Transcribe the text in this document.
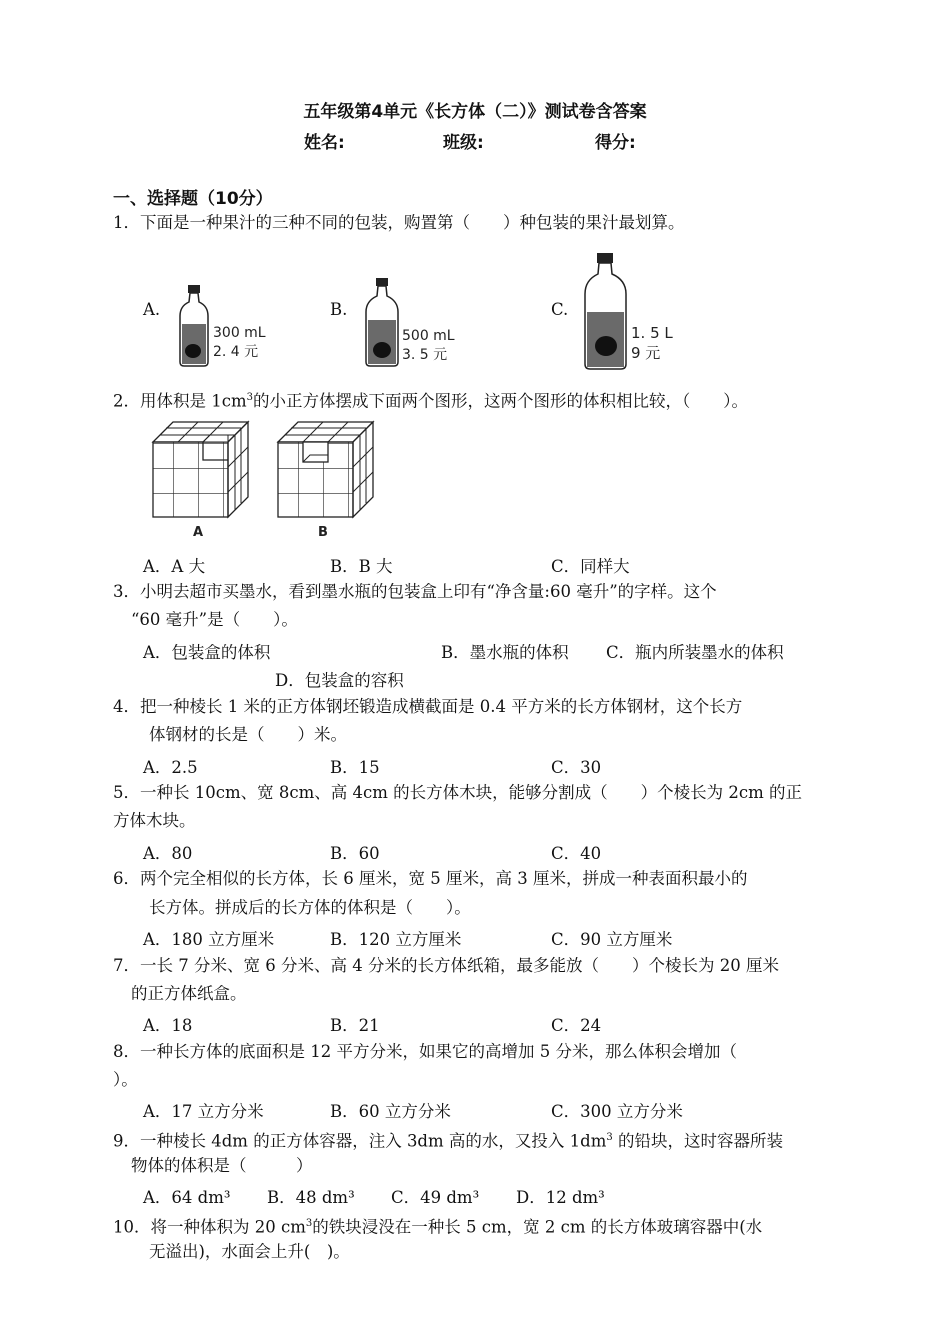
五年级第4单元《长方体（二）》测试卷含答案
姓名:	班级:	得分:
一、选择题（10分）
1．下面是一种果汁的三种不同的包装，购置第（　　）种包装的果汁最划算。
A.
300 mL
2. 4 元
B.
500 mL
3. 5 元
C.
1. 5 L
9 元
2．用体积是 $1cm^3$的小正方体摆成下面两个图形，这两个图形的体积相比较，（　　）。
A	B
A．A 大	B．B 大	C．同样大
3．小明去超市买墨水，看到墨水瓶的包装盒上印有“净含量:60 毫升”的字样。这个
“60 毫升”是（　　）。
A．包装盒的体积	B．墨水瓶的体积 C．瓶内所装墨水的体积
D．包装盒的容积
4．把一种棱长 1 米的正方体钢坯锻造成横截面是 0.4 平方米的长方体钢材，这个长方
体钢材的长是（　　）米。
A．2.5	B．15	C．30
5．一种长 10cm、宽 8cm、高 4cm 的长方体木块，能够分割成（　　）个棱长为 2cm 的正
方体木块。
A．80	B．60	C．40
6．两个完全相似的长方体，长 6 厘米，宽 5 厘米，高 3 厘米，拼成一种表面积最小的
长方体。拼成后的长方体的体积是（　　）。
A．180 立方厘米	B．120 立方厘米	C．90 立方厘米
7．一长 7 分米、宽 6 分米、高 4 分米的长方体纸箱，最多能放（　　）个棱长为 20 厘米
的正方体纸盒。
A．18	B．21	C．24
8．一种长方体的底面积是 12 平方分米，如果它的高增加 5 分米，那么体积会增加（
）。
A．17 立方分米	B．60 立方分米	C．300 立方分米
9．一种棱长 4dm 的正方体容器，注入 3dm 高的水，又投入 $1dm^3$ 的铅块，这时容器所装
物体的体积是（　　　）
A．64 dm³ B．48 dm³ C．49 dm³ D．12 dm³
10．将一种体积为 20 $cm^3$的铁块浸没在一种长 5 cm，宽 2 cm 的长方体玻璃容器中(水
无溢出)，水面会上升(　)。
